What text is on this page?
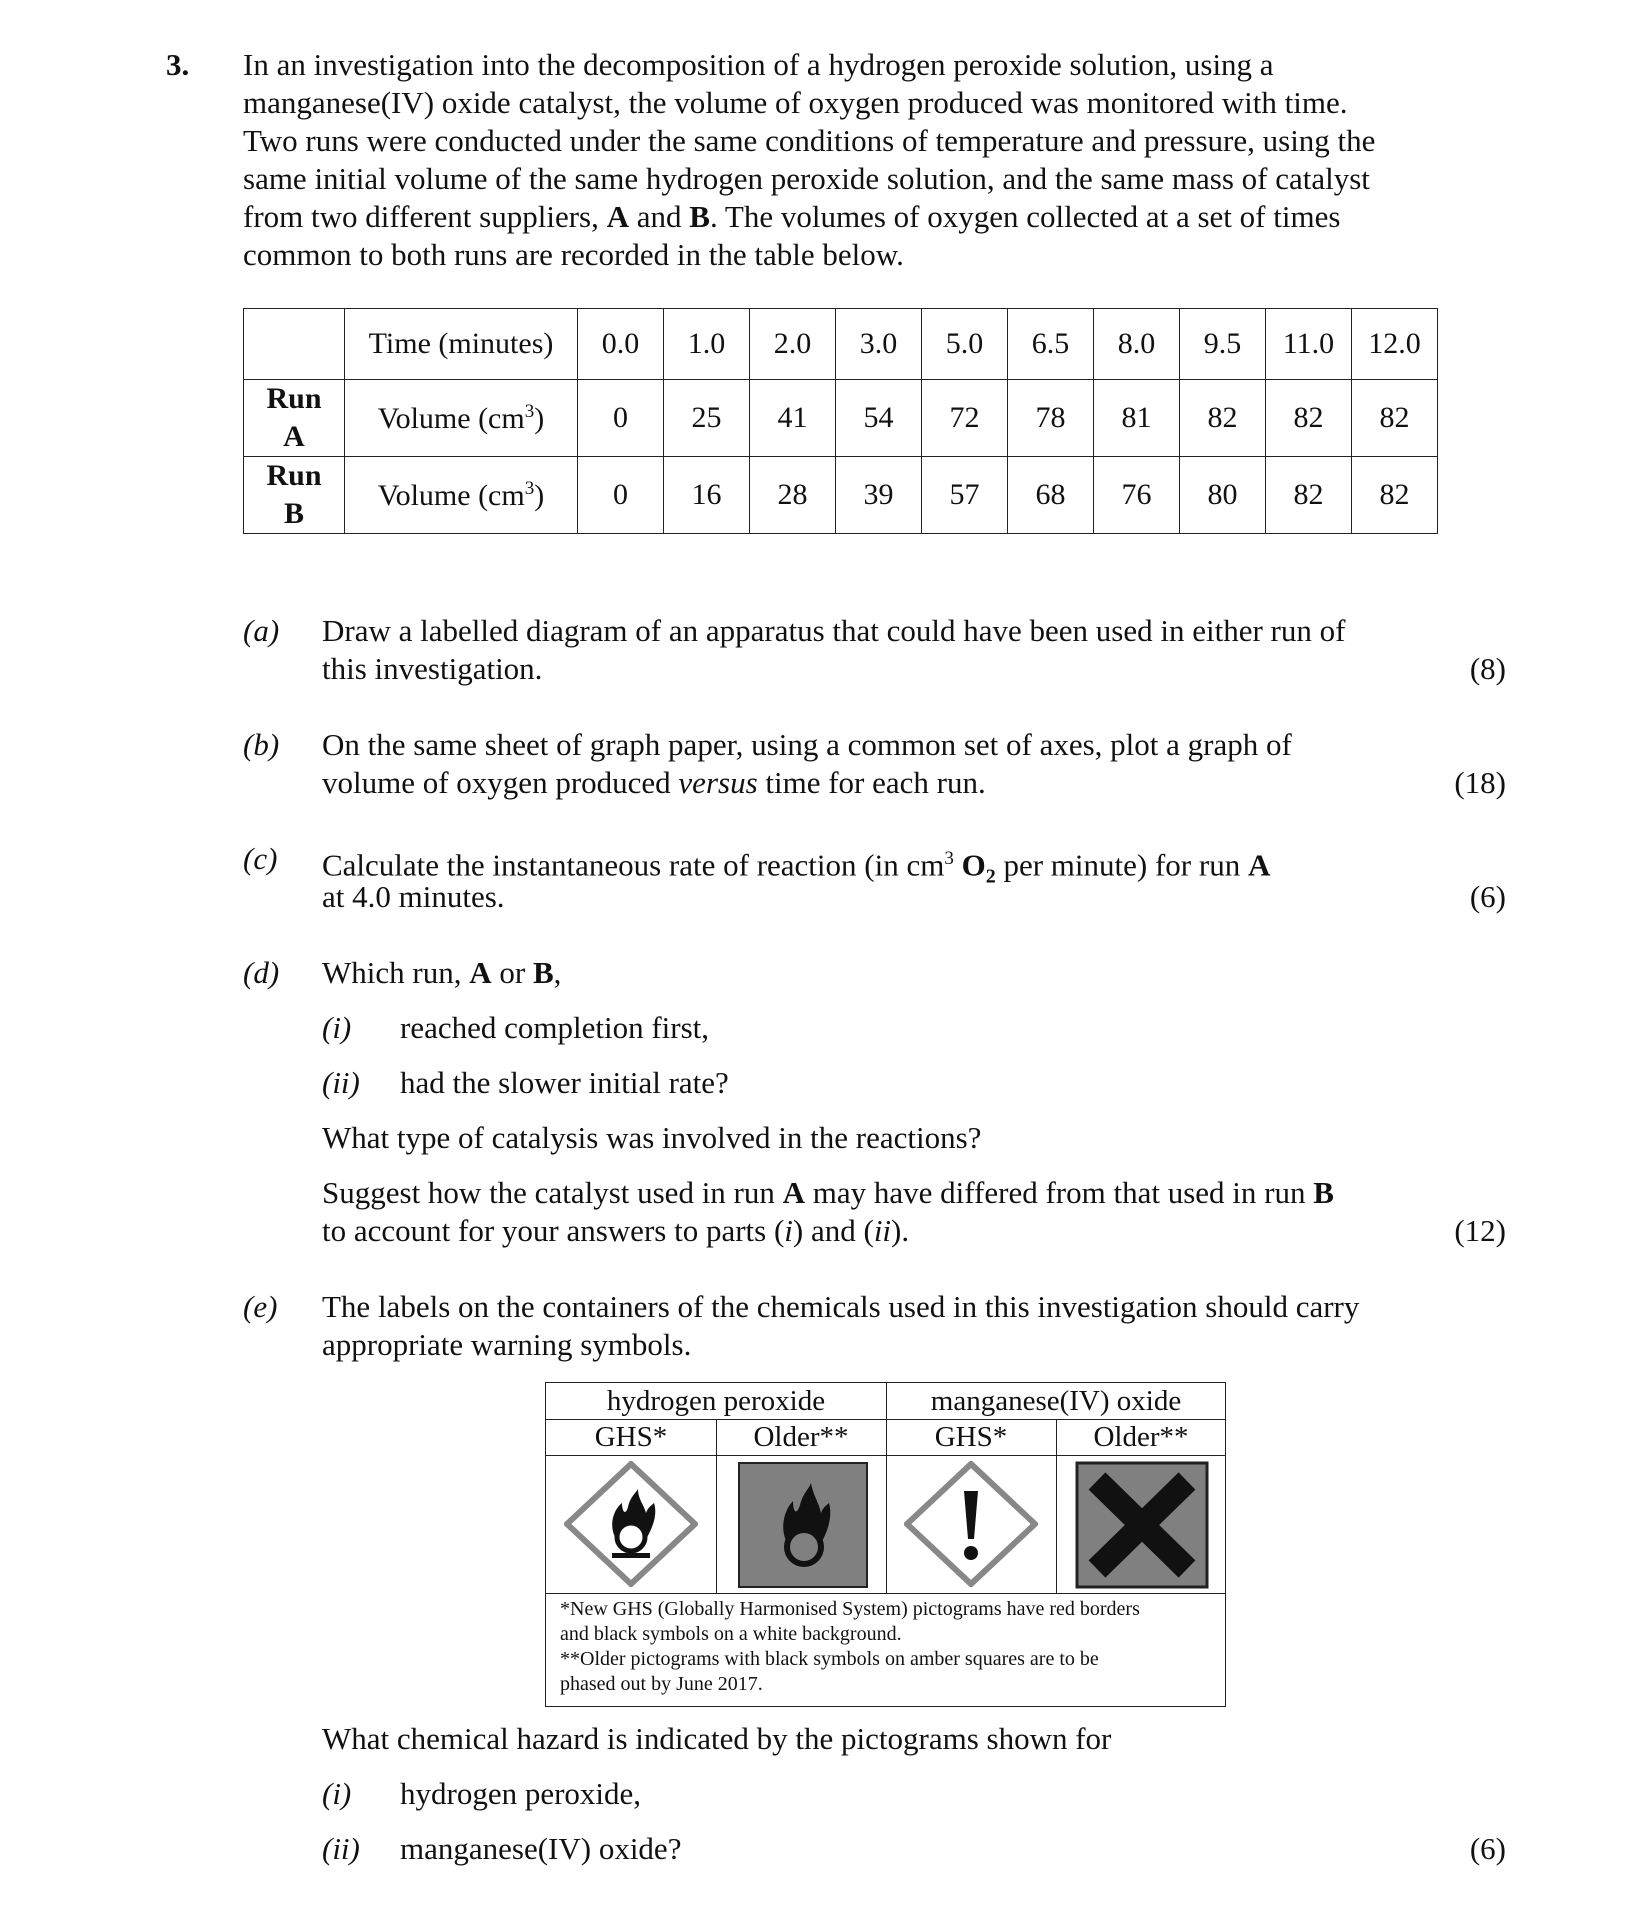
3. In an investigation into the decomposition of a hydrogen peroxide solution, using a
manganese(IV) oxide catalyst, the volume of oxygen produced was monitored with time.
Two runs were conducted under the same conditions of temperature and pressure, using the
same initial volume of the same hydrogen peroxide solution, and the same mass of catalyst
from two different suppliers, A and B. The volumes of oxygen collected at a set of times
common to both runs are recorded in the table below.
	Time (minutes)	0.0	1.0	2.0	3.0	5.0	6.5	8.0	9.5	11.0	12.0
Run
A	Volume $(cm^3)$	0	25	41	54	72	78	81	82	82	82
Run
B	Volume $(cm^3)$	0	16	28	39	57	68	76	80	82	82
(a) Draw a labelled diagram of an apparatus that could have been used in either run of
this investigation.	(8)
(b) On the same sheet of graph paper, using a common set of axes, plot a graph of
volume of oxygen produced versus time for each run.	(18)
(c) Calculate the instantaneous rate of reaction (in $cm^3$ $O_2$ per minute) for run A
at 4.0 minutes.	(6)
(d) Which run, A or B,
(i) reached completion first,
(ii) had the slower initial rate?
What type of catalysis was involved in the reactions?
Suggest how the catalyst used in run A may have differed from that used in run B
to account for your answers to parts (i) and (ii).	(12)
(e) The labels on the containers of the chemicals used in this investigation should carry
appropriate warning symbols.
hydrogen peroxide	manganese(IV) oxide
GHS*	Older**	GHS*	Older**
*New GHS (Globally Harmonised System) pictograms have red borders
and black symbols on a white background.
**Older pictograms with black symbols on amber squares are to be
phased out by June 2017.
What chemical hazard is indicated by the pictograms shown for
(i) hydrogen peroxide,
(ii) manganese(IV) oxide?	(6)
